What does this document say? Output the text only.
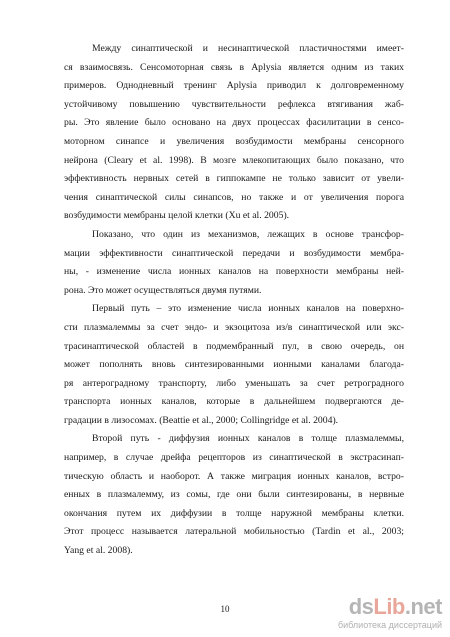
Между синаптической и несинаптической пластичностями имеет-
ся взаимосвязь. Сенсомоторная связь в Aplysia является одним из таких
примеров. Однодневный тренинг Aplysia приводил к долговременному
устойчивому повышению чувствительности рефлекса втягивания жаб-
ры. Это явление было основано на двух процессах фасилитации в сенсо-
моторном синапсе и увеличения возбудимости мембраны сенсорного
нейрона (Cleary et al. 1998). В мозге млекопитающих было показано, что
эффективность нервных сетей в гиппокампе не только зависит от увели-
чения синаптической силы синапсов, но также и от увеличения порога
возбудимости мембраны целой клетки (Xu et al. 2005).

Показано, что один из механизмов, лежащих в основе трансфор-
мации эффективности синаптической передачи и возбудимости мембра-
ны, - изменение числа ионных каналов на поверхности мембраны ней-
рона. Это может осуществляться двумя путями.

Первый путь – это изменение числа ионных каналов на поверхно-
сти плазмалеммы за счет эндо- и экзоцитоза из/в синаптической или экс-
трасинаптической областей в подмембранный пул, в свою очередь, он
может пополнять вновь синтезированными ионными каналами благода-
ря антероградному транспорту, либо уменьшать за счет ретроградного
транспорта ионных каналов, которые в дальнейшем подвергаются де-
градации в лизосомах. (Beattie et al., 2000; Collingridge et al. 2004).

Второй путь - диффузия ионных каналов в толще плазмалеммы,
например, в случае дрейфа рецепторов из синаптической в экстрасинап-
тическую область и наоборот. А также миграция ионных каналов, встро-
енных в плазмалемму, из сомы, где они были синтезированы, в нервные
окончания путем их диффузии в толще наружной мембраны клетки.
Этот процесс называется латеральной мобильностью (Tardin et al., 2003;
Yang et al. 2008).

10	dsLib.net
библиотека диссертаций
